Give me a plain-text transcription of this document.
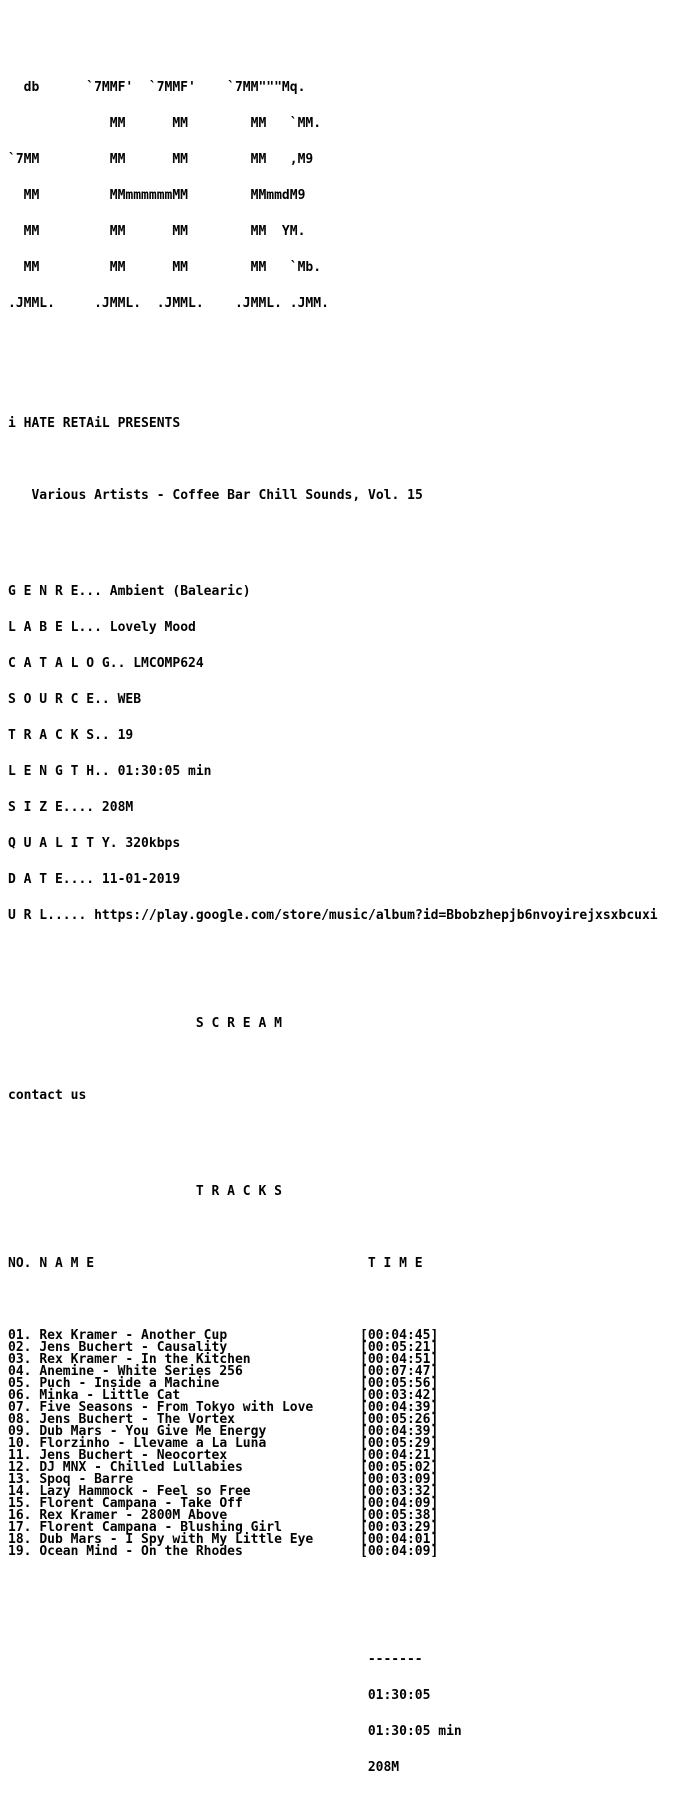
db      `7MMF'  `7MMF'    `7MM"""Mq.

MM      MM        MM   `MM.

`7MM         MM      MM        MM   ,M9

MM         MMmmmmmmMM        MMmmdM9

MM         MM      MM        MM  YM.

MM         MM      MM        MM   `Mb.

.JMML.     .JMML.  .JMML.    .JMML. .JMM.

i HATE RETAiL PRESENTS

Various Artists - Coffee Bar Chill Sounds, Vol. 15

G E N R E... Ambient (Balearic)

L A B E L... Lovely Mood

C A T A L O G.. LMCOMP624

S O U R C E.. WEB

T R A C K S.. 19

L E N G T H.. 01:30:05 min

S I Z E.... 208M

Q U A L I T Y. 320kbps

D A T E.... 11-01-2019

U R L..... https://play.google.com/store/music/album?id=Bbobzhepjb6nvoyirejxsxbcuxi

S C R E A M

contact us

T R A C K S

NO. N A M E	T I M E

01. Rex Kramer - Another Cup	[00:04:45]
02. Jens Buchert - Causality	[00:05:21]
03. Rex Kramer - In the Kitchen	[00:04:51]
04. Anemine - White Series 256	[00:07:47]
05. Puch - Inside a Machine	[00:05:56]
06. Minka - Little Cat	[00:03:42]
07. Five Seasons - From Tokyo with Love	[00:04:39]
08. Jens Buchert - The Vortex	[00:05:26]
09. Dub Mars - You Give Me Energy	[00:04:39]
10. Florzinho - Llevame a La Luna	[00:05:29]
11. Jens Buchert - Neocortex	[00:04:21]
12. DJ MNX - Chilled Lullabies	[00:05:02]
13. Spoq - Barre	[00:03:09]
14. Lazy Hammock - Feel so Free	[00:03:32]
15. Florent Campana - Take Off	[00:04:09]
16. Rex Kramer - 2800M Above	[00:05:38]
17. Florent Campana - Blushing Girl	[00:03:29]
18. Dub Mars - I Spy with My Little Eye	[00:04:01]
19. Ocean Mind - On the Rhodes	[00:04:09]

-------

01:30:05

01:30:05 min

208M
